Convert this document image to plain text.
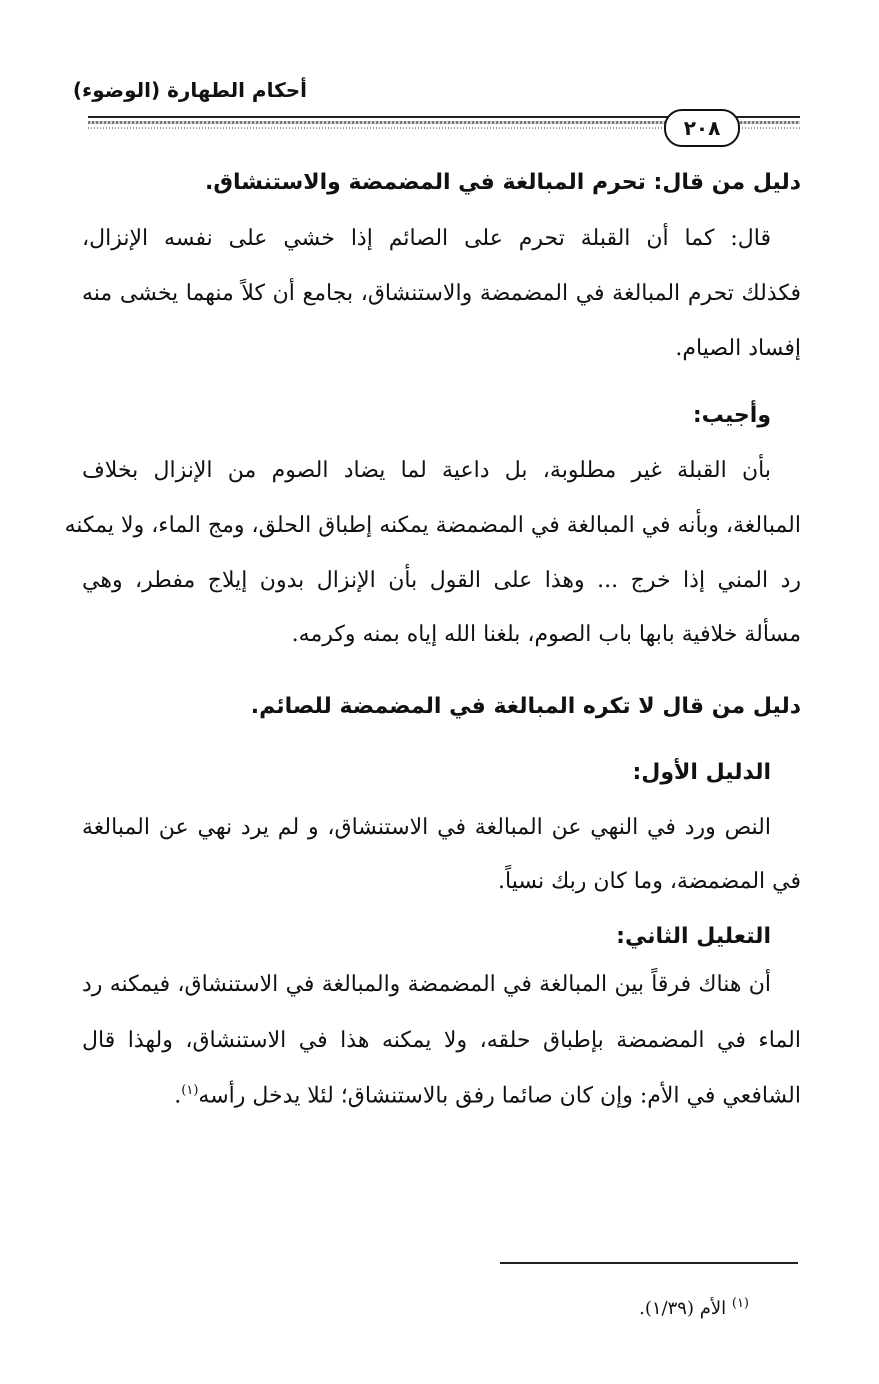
أحكام الطهارة (الوضوء)
٢٠٨
دليل من قال: تحرم المبالغة في المضمضة والاستنشاق.
قال: كما أن القبلة تحرم على الصائم إذا خشي على نفسه الإنزال،
فكذلك تحرم المبالغة في المضمضة والاستنشاق، بجامع أن كلاً منهما يخشى منه
إفساد الصيام.
وأجيب:
بأن القبلة غير مطلوبة، بل داعية لما يضاد الصوم من الإنزال بخلاف
المبالغة، وبأنه في المبالغة في المضمضة يمكنه إطباق الحلق، ومج الماء، ولا يمكنه
رد المني إذا خرج ... وهذا على القول بأن الإنزال بدون إيلاج مفطر، وهي
مسألة خلافية بابها باب الصوم، بلغنا الله إياه بمنه وكرمه.
دليل من قال لا تكره المبالغة في المضمضة للصائم.
الدليل الأول:
النص ورد في النهي عن المبالغة في الاستنشاق، و لم يرد نهي عن المبالغة
في المضمضة، وما كان ربك نسياً.
التعليل الثاني:
أن هناك فرقاً بين المبالغة في المضمضة والمبالغة في الاستنشاق، فيمكنه رد
الماء في المضمضة بإطباق حلقه، ولا يمكنه هذا في الاستنشاق، ولهذا قال
الشافعي في الأم: وإن كان صائما رفق بالاستنشاق؛ لئلا يدخل رأسه$^{(١)}$.
$^{(١)}$ الأم (١/٣٩).
